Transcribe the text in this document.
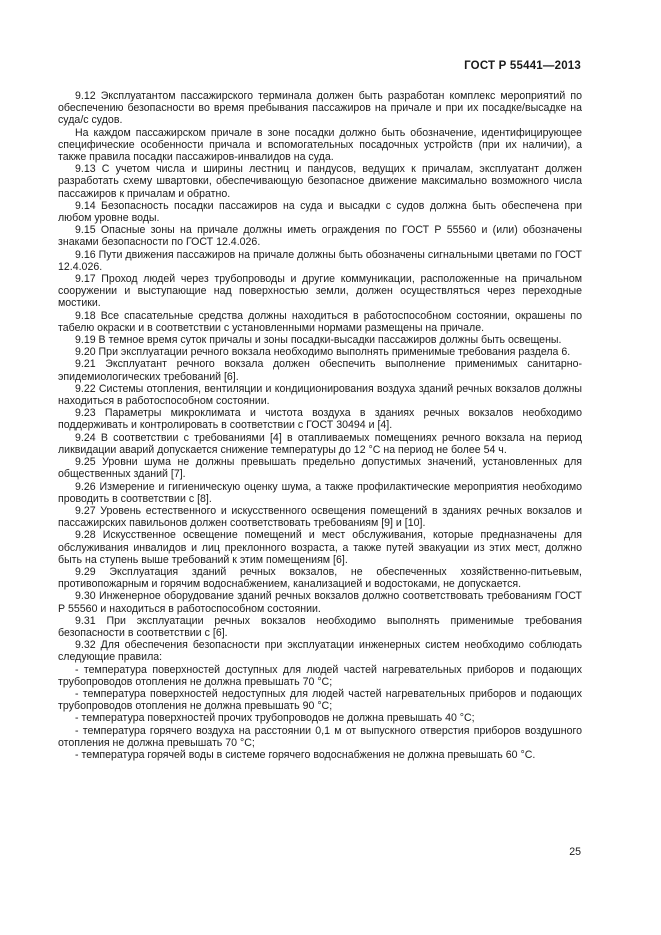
ГОСТ Р 55441—2013

9.12 Эксплуатантом пассажирского терминала должен быть разработан комплекс мероприятий по обеспечению безопасности во время пребывания пассажиров на причале и при их посадке/высадке на суда/с судов.

На каждом пассажирском причале в зоне посадки должно быть обозначение, идентифицирующее специфические особенности причала и вспомогательных посадочных устройств (при их наличии), а также правила посадки пассажиров-инвалидов на суда.

9.13 С учетом числа и ширины лестниц и пандусов, ведущих к причалам, эксплуатант должен разработать схему швартовки, обеспечивающую безопасное движение максимально возможного числа пассажиров к причалам и обратно.

9.14 Безопасность посадки пассажиров на суда и высадки с судов должна быть обеспечена при любом уровне воды.

9.15 Опасные зоны на причале должны иметь ограждения по ГОСТ Р 55560 и (или) обозначены знаками безопасности по ГОСТ 12.4.026.

9.16 Пути движения пассажиров на причале должны быть обозначены сигнальными цветами по ГОСТ 12.4.026.

9.17 Проход людей через трубопроводы и другие коммуникации, расположенные на причальном сооружении и выступающие над поверхностью земли, должен осуществляться через переходные мостики.

9.18 Все спасательные средства должны находиться в работоспособном состоянии, окрашены по табелю окраски и в соответствии с установленными нормами размещены на причале.

9.19 В темное время суток причалы и зоны посадки-высадки пассажиров должны быть освещены.

9.20 При эксплуатации речного вокзала необходимо выполнять применимые требования раздела 6.

9.21 Эксплуатант речного вокзала должен обеспечить выполнение применимых санитарно-эпидемиологических требований [6].

9.22 Системы отопления, вентиляции и кондиционирования воздуха зданий речных вокзалов должны находиться в работоспособном состоянии.

9.23 Параметры микроклимата и чистота воздуха в зданиях речных вокзалов необходимо поддерживать и контролировать в соответствии с ГОСТ 30494 и [4].

9.24 В соответствии с требованиями [4] в отапливаемых помещениях речного вокзала на период ликвидации аварий допускается снижение температуры до 12 °С на период не более 54 ч.

9.25 Уровни шума не должны превышать предельно допустимых значений, установленных для общественных зданий [7].

9.26 Измерение и гигиеническую оценку шума, а также профилактические мероприятия необходимо проводить в соответствии с [8].

9.27 Уровень естественного и искусственного освещения помещений в зданиях речных вокзалов и пассажирских павильонов должен соответствовать требованиям [9] и [10].

9.28 Искусственное освещение помещений и мест обслуживания, которые предназначены для обслуживания инвалидов и лиц преклонного возраста, а также путей эвакуации из этих мест, должно быть на ступень выше требований к этим помещениям [6].

9.29 Эксплуатация зданий речных вокзалов, не обеспеченных хозяйственно-питьевым, противопожарным и горячим водоснабжением, канализацией и водостоками, не допускается.

9.30 Инженерное оборудование зданий речных вокзалов должно соответствовать требованиям ГОСТ Р 55560 и находиться в работоспособном состоянии.

9.31 При эксплуатации речных вокзалов необходимо выполнять применимые требования безопасности в соответствии с [6].

9.32 Для обеспечения безопасности при эксплуатации инженерных систем необходимо соблюдать следующие правила:

- температура поверхностей доступных для людей частей нагревательных приборов и подающих трубопроводов отопления не должна превышать 70 °С;

- температура поверхностей недоступных для людей частей нагревательных приборов и подающих трубопроводов отопления не должна превышать 90 °С;

- температура поверхностей прочих трубопроводов не должна превышать 40 °С;

- температура горячего воздуха на расстоянии 0,1 м от выпускного отверстия приборов воздушного отопления не должна превышать 70 °С;

- температура горячей воды в системе горячего водоснабжения не должна превышать 60 °С.

25
